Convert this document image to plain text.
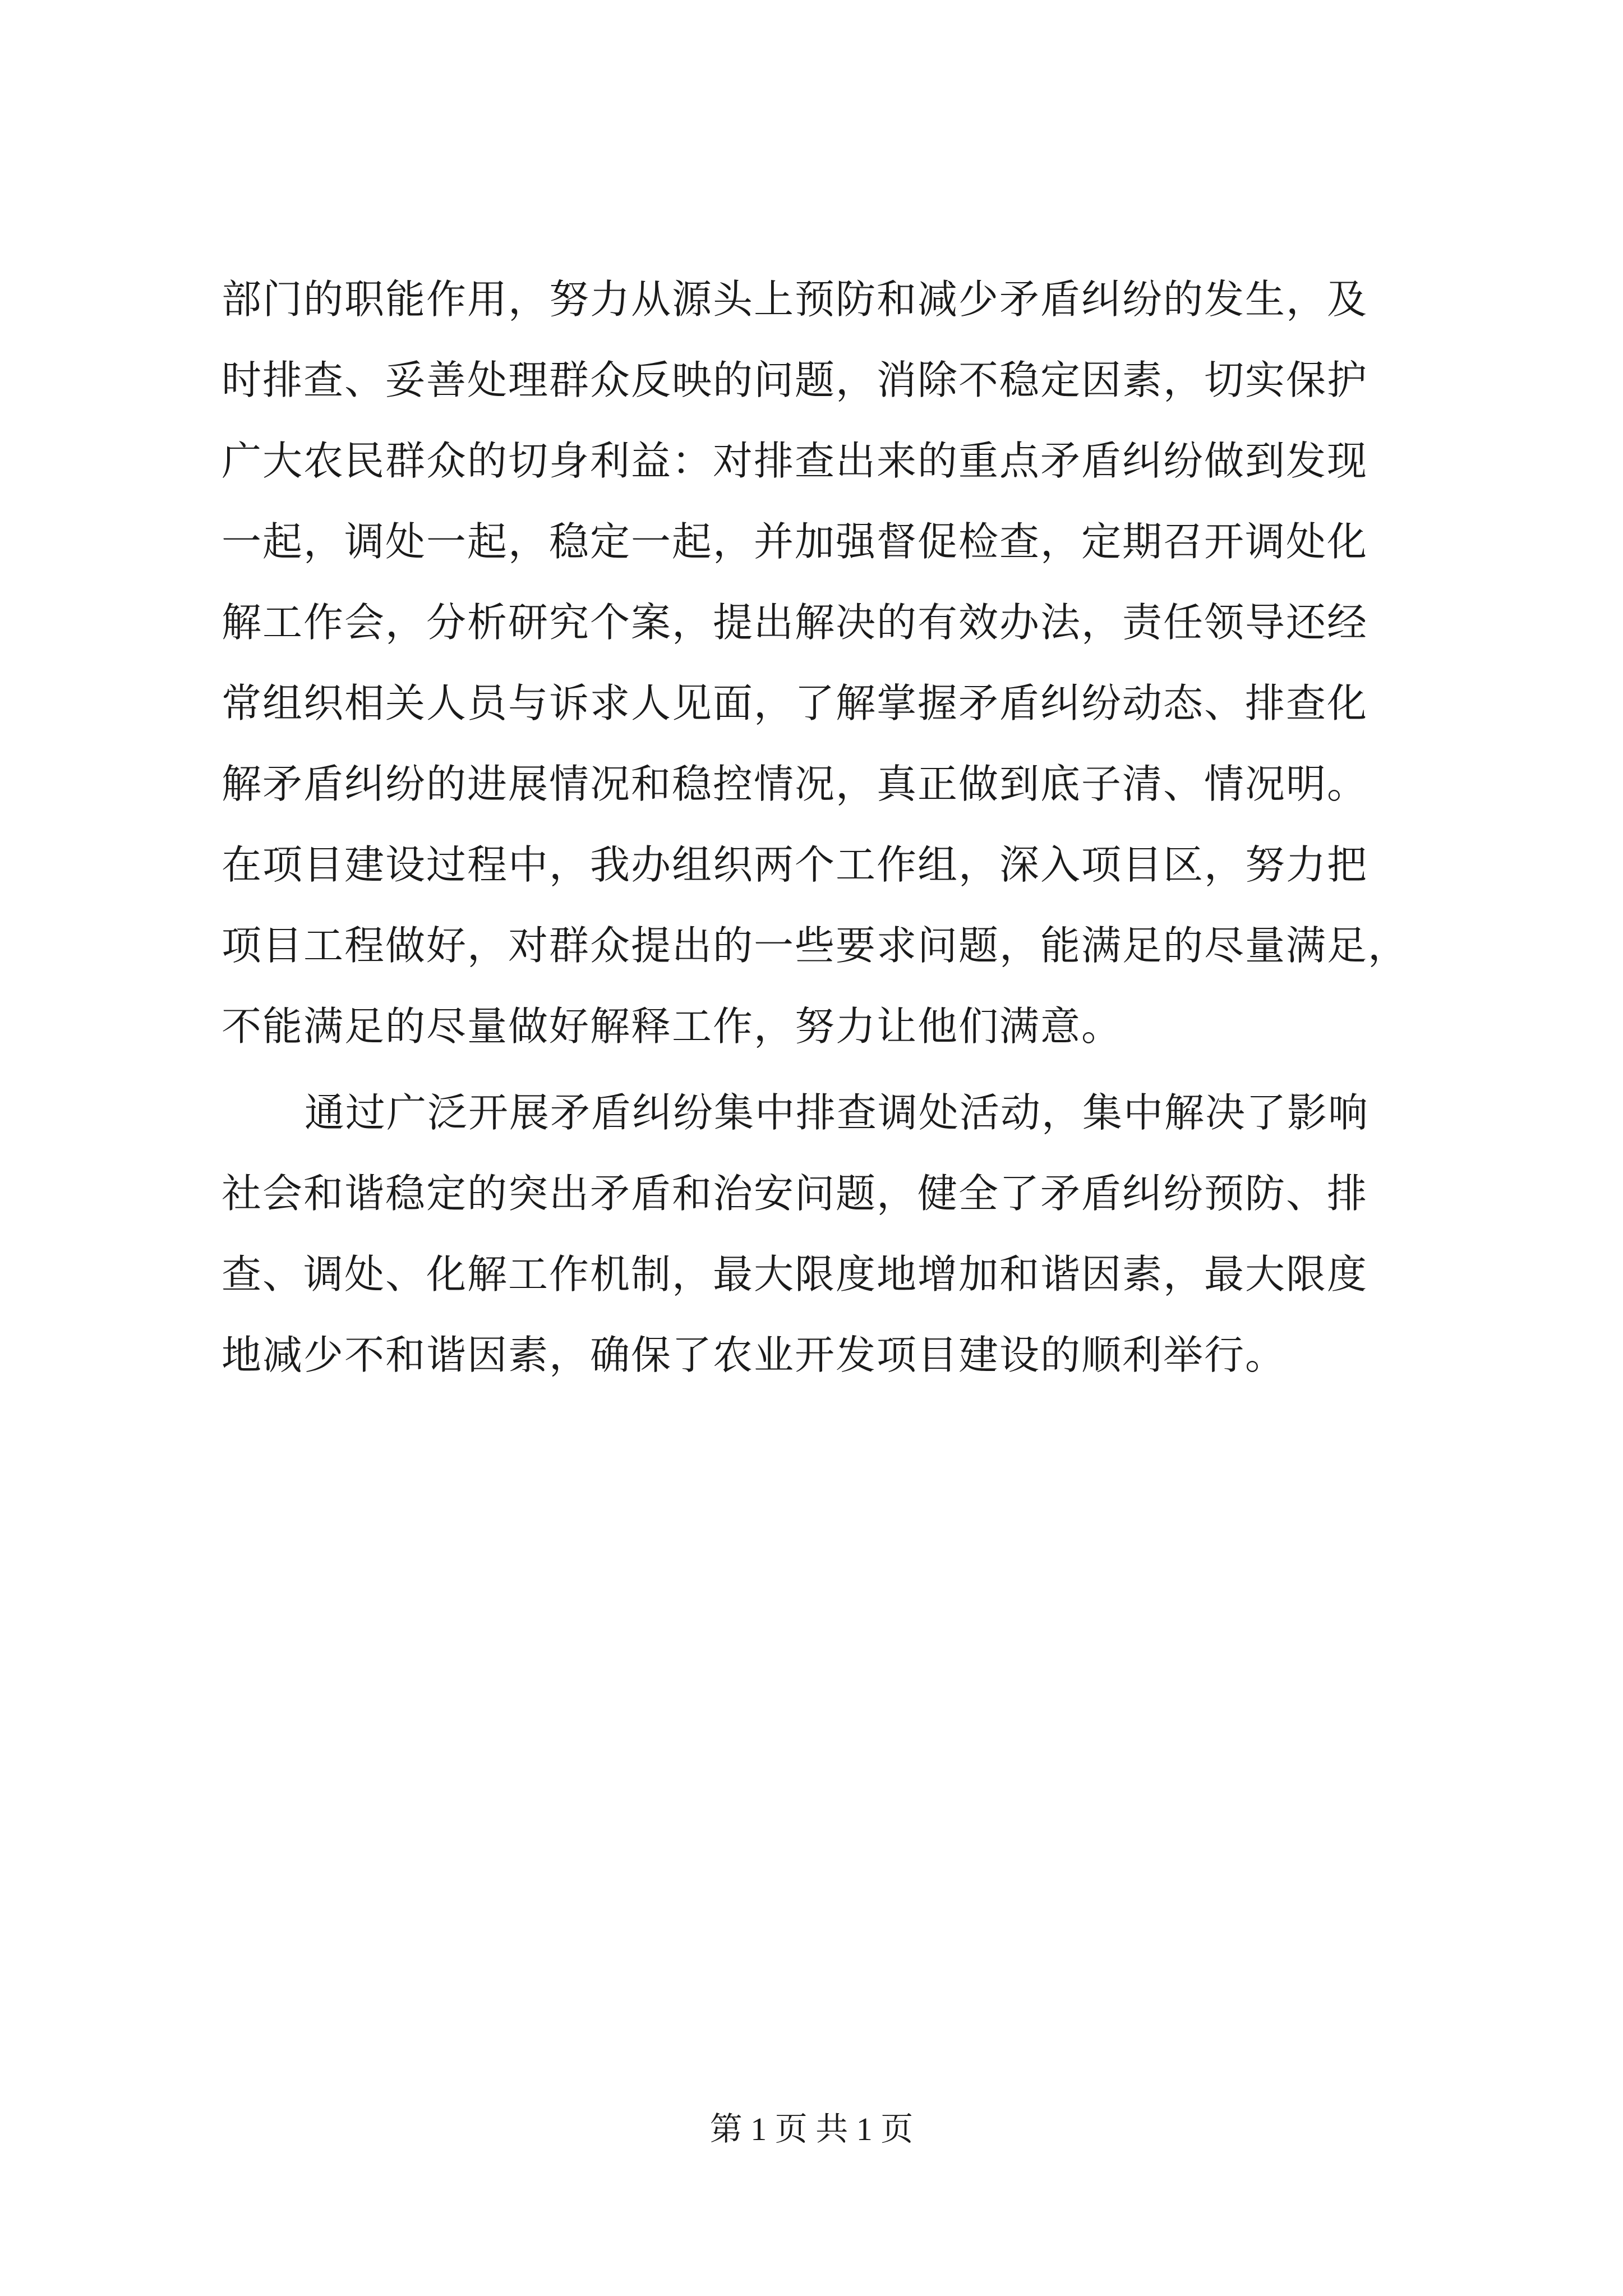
部门的职能作用，努力从源头上预防和减少矛盾纠纷的发生，及
时排查、妥善处理群众反映的问题，消除不稳定因素，切实保护
广大农民群众的切身利益：对排查出来的重点矛盾纠纷做到发现
一起，调处一起，稳定一起，并加强督促检查，定期召开调处化
解工作会，分析研究个案，提出解决的有效办法，责任领导还经
常组织相关人员与诉求人见面，了解掌握矛盾纠纷动态、排查化
解矛盾纠纷的进展情况和稳控情况，真正做到底子清、情况明。
在项目建设过程中，我办组织两个工作组，深入项目区，努力把
项目工程做好，对群众提出的一些要求问题，能满足的尽量满足，
不能满足的尽量做好解释工作，努力让他们满意。
通过广泛开展矛盾纠纷集中排查调处活动，集中解决了影响
社会和谐稳定的突出矛盾和治安问题，健全了矛盾纠纷预防、排
查、调处、化解工作机制，最大限度地增加和谐因素，最大限度
地减少不和谐因素，确保了农业开发项目建设的顺利举行。
第 1 页 共 1 页
